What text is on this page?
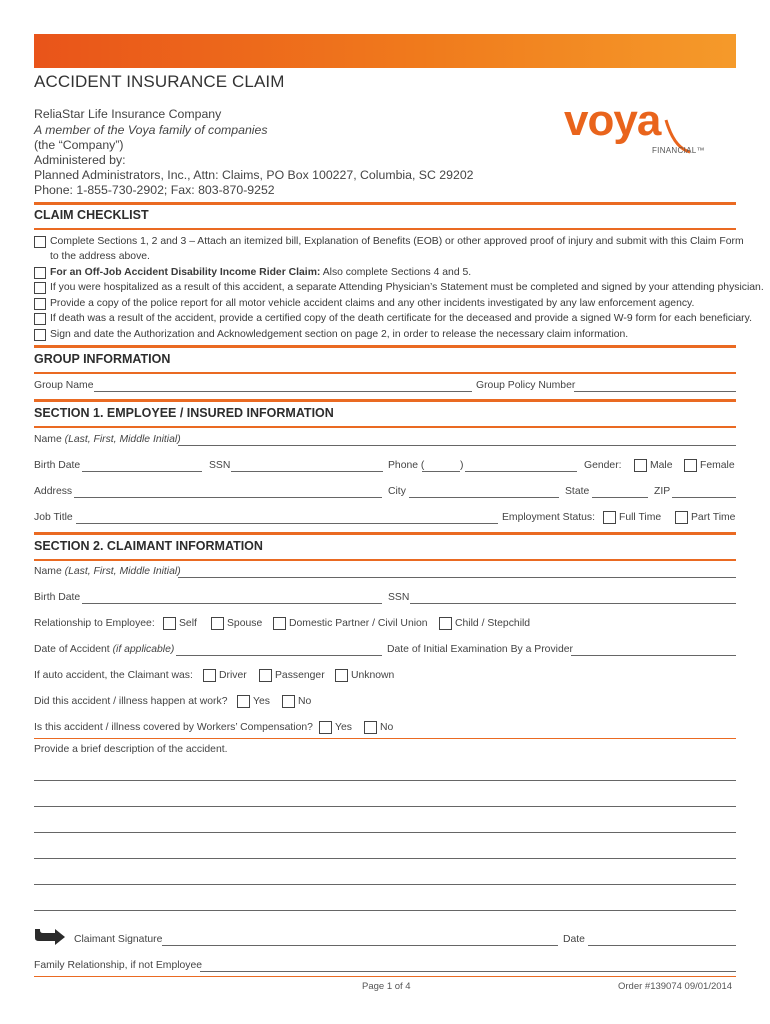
ACCIDENT INSURANCE CLAIM
ReliaStar Life Insurance Company
A member of the Voya family of companies
(the “Company”)
Administered by:
Planned Administrators, Inc., Attn: Claims, PO Box 100227, Columbia, SC 29202
Phone: 1-855-730-2902; Fax: 803-870-9252
voya
FINANCIAL™
CLAIM CHECKLIST
Complete Sections 1, 2 and 3 – Attach an itemized bill, Explanation of Benefits (EOB) or other approved proof of injury and submit with this Claim Form
to the address above.
For an Off-Job Accident Disability Income Rider Claim: Also complete Sections 4 and 5.
If you were hospitalized as a result of this accident, a separate Attending Physician’s Statement must be completed and signed by your attending physician.
Provide a copy of the police report for all motor vehicle accident claims and any other incidents investigated by any law enforcement agency.
If death was a result of the accident, provide a certified copy of the death certificate for the deceased and provide a signed W-9 form for each beneficiary.
Sign and date the Authorization and Acknowledgement section on page 2, in order to release the necessary claim information.
GROUP INFORMATION
Group Name	Group Policy Number
SECTION 1. EMPLOYEE / INSURED INFORMATION
Name (Last, First, Middle Initial)
Birth Date	SSN	Phone (	)	Gender:	Male	Female
Address	City	State	ZIP
Job Title	Employment Status: Full Time	Part Time
SECTION 2. CLAIMANT INFORMATION
Name (Last, First, Middle Initial)
Birth Date	SSN
Relationship to Employee: Self	Spouse	Domestic Partner / Civil Union	Child / Stepchild
Date of Accident (if applicable)	Date of Initial Examination By a Provider
If auto accident, the Claimant was:	Driver	Passenger	Unknown
Did this accident / illness happen at work? Yes	No
Is this accident / illness covered by Workers’ Compensation? Yes	No
Provide a brief description of the accident.
Claimant Signature	Date
Family Relationship, if not Employee
Page 1 of 4	Order #139074 09/01/2014
